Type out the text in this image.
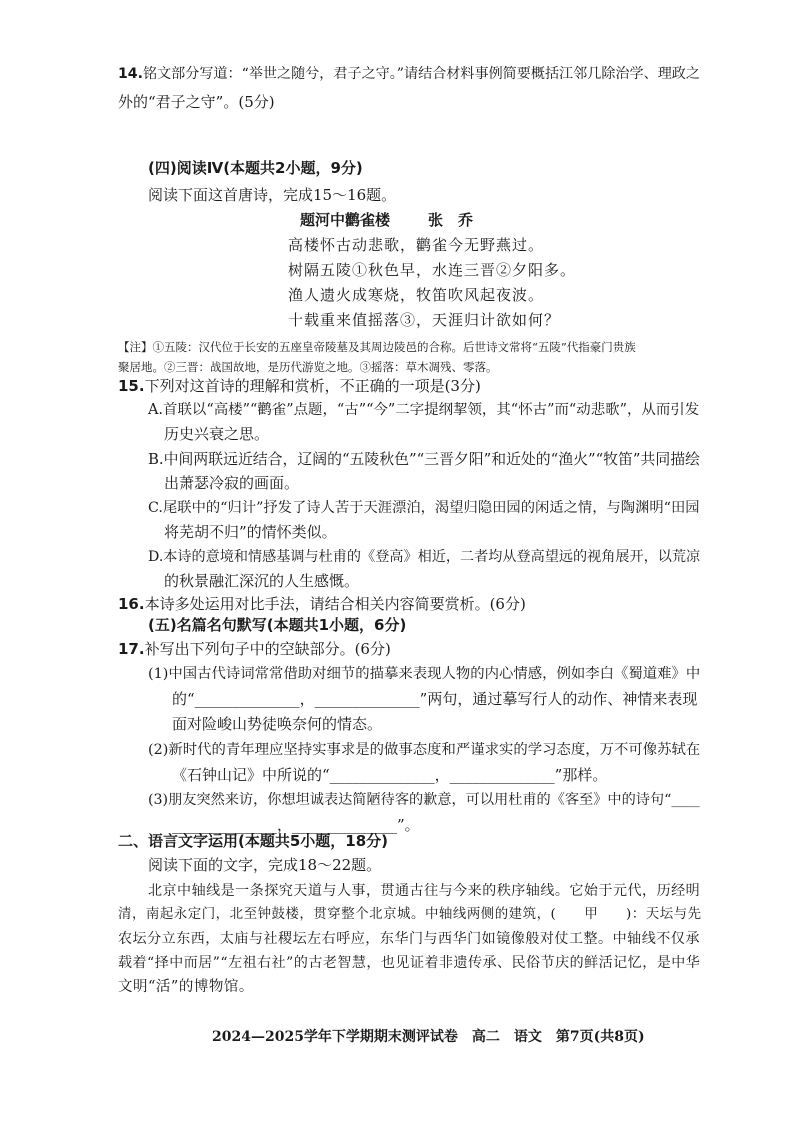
14.铭文部分写道：“举世之随兮，君子之守。”请结合材料事例简要概括江邻几除治学、理政之
外的“君子之守”。(5分)
(四)阅读Ⅳ(本题共2小题，9分)
阅读下面这首唐诗，完成15～16题。
题河中鹳雀楼	张　乔
高楼怀古动悲歌，鹳雀今无野燕过。
树隔五陵①秋色早，水连三晋②夕阳多。
渔人遗火成寒烧，牧笛吹风起夜波。
十载重来值摇落③，天涯归计欲如何？
【注】①五陵：汉代位于长安的五座皇帝陵墓及其周边陵邑的合称。后世诗文常将“五陵”代指豪门贵族
聚居地。②三晋：战国故地，是历代游览之地。③摇落：草木凋残、零落。
15.下列对这首诗的理解和赏析，不正确的一项是(3分)
A.首联以“高楼”“鹳雀”点题，“古”“今”二字提纲挈领，其“怀古”而“动悲歌”，从而引发
历史兴衰之思。
B.中间两联远近结合，辽阔的“五陵秋色”“三晋夕阳”和近处的“渔火”“牧笛”共同描绘
出萧瑟冷寂的画面。
C.尾联中的“归计”抒发了诗人苦于天涯漂泊，渴望归隐田园的闲适之情，与陶渊明“田园
将芜胡不归”的情怀类似。
D.本诗的意境和情感基调与杜甫的《登高》相近，二者均从登高望远的视角展开，以荒凉
的秋景融汇深沉的人生感慨。
16.本诗多处运用对比手法，请结合相关内容简要赏析。(6分)
(五)名篇名句默写(本题共1小题，6分)
17.补写出下列句子中的空缺部分。(6分)
(1)中国古代诗词常常借助对细节的描摹来表现人物的内心情感，例如李白《蜀道难》中
的“______________，______________”两句，通过摹写行人的动作、神情来表现
面对险峻山势徒唤奈何的情态。
(2)新时代的青年理应坚持实事求是的做事态度和严谨求实的学习态度，万不可像苏轼在
《石钟山记》中所说的“______________，______________”那样。
(3)朋友突然来访，你想坦诚表达简陋待客的歉意，可以用杜甫的《客至》中的诗句“____
______________，______________”。
二、语言文字运用(本题共5小题，18分)
阅读下面的文字，完成18～22题。
北京中轴线是一条探究天道与人事，贯通古往与今来的秩序轴线。它始于元代，历经明
清，南起永定门，北至钟鼓楼，贯穿整个北京城。中轴线两侧的建筑，(　　甲　　)：天坛与先
农坛分立东西，太庙与社稷坛左右呼应，东华门与西华门如镜像般对仗工整。中轴线不仅承
载着“择中而居”“左祖右社”的古老智慧，也见证着非遗传承、民俗节庆的鲜活记忆，是中华
文明“活”的博物馆。
2024—2025学年下学期期末测评试卷　高二　语文　第7页(共8页)
